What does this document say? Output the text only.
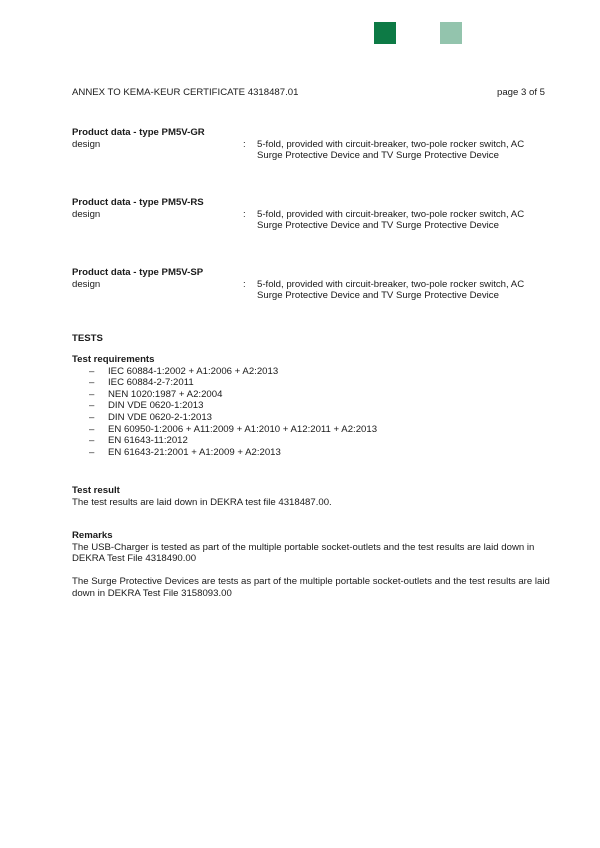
ANNEX TO KEMA-KEUR CERTIFICATE 4318487.01	page 3 of 5
Product data - type PM5V-GR
design	: 5-fold, provided with circuit-breaker, two-pole rocker switch, AC Surge Protective Device and TV Surge Protective Device
Product data - type PM5V-RS
design	: 5-fold, provided with circuit-breaker, two-pole rocker switch, AC Surge Protective Device and TV Surge Protective Device
Product data - type PM5V-SP
design	: 5-fold, provided with circuit-breaker, two-pole rocker switch, AC Surge Protective Device and TV Surge Protective Device
TESTS
Test requirements
– IEC 60884-1:2002 + A1:2006 + A2:2013
– IEC 60884-2-7:2011
– NEN 1020:1987 + A2:2004
– DIN VDE 0620-1:2013
– DIN VDE 0620-2-1:2013
– EN 60950-1:2006 + A11:2009 + A1:2010 + A12:2011 + A2:2013
– EN 61643-11:2012
– EN 61643-21:2001 + A1:2009 + A2:2013
Test result

The test results are laid down in DEKRA test file 4318487.00.

Remarks

The USB-Charger is tested as part of the multiple portable socket-outlets and the test results are laid down in DEKRA Test File 4318490.00

The Surge Protective Devices are tests as part of the multiple portable socket-outlets and the test results are laid down in DEKRA Test File 3158093.00
